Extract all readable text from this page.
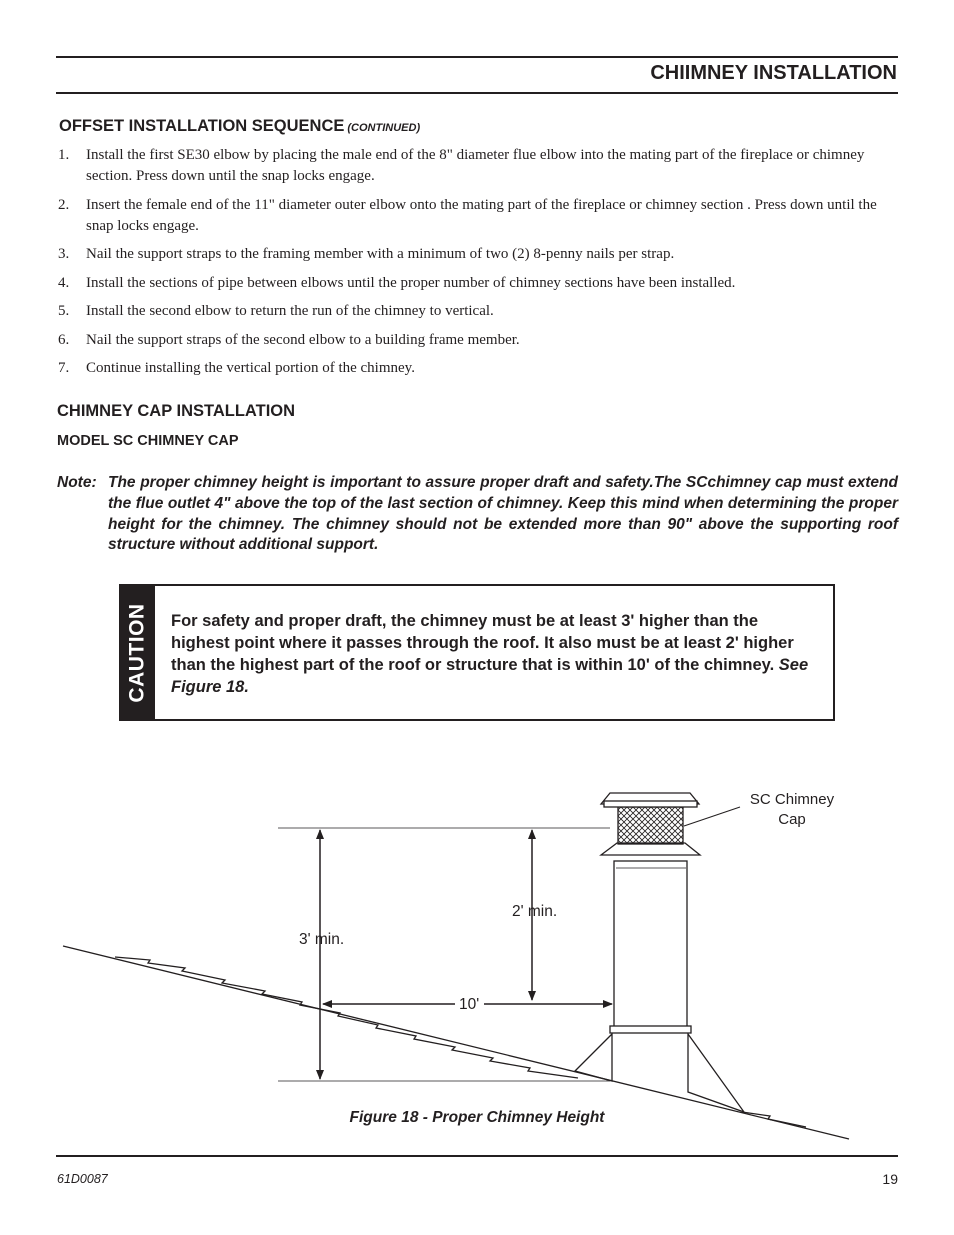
CHIIMNEY INSTALLATION
OFFSET INSTALLATION SEQUENCE (CONTINUED)
1. Install the first SE30 elbow by placing the male end of the 8" diameter flue elbow into the mating part of the fireplace or chimney section. Press down until the snap locks engage.
2. Insert the female end of the 11" diameter outer elbow onto the mating part of the fireplace or chimney section . Press down until the snap locks engage.
3. Nail the support straps to the framing member with a minimum of two (2) 8-penny nails per strap.
4. Install the sections of pipe between elbows until the proper number of chimney sections have been installed.
5. Install the second elbow to return the run of the chimney to vertical.
6. Nail the support straps of the second elbow to a building frame member.
7. Continue installing the vertical portion of the chimney.
CHIMNEY CAP INSTALLATION
MODEL SC CHIMNEY CAP
Note: The proper chimney height is important to assure proper draft and safety.The SCchimney cap must extend the flue outlet 4" above the top of the last section of chimney. Keep this mind when determining the proper height for the chimney. The chimney should not be extended more than 90" above the supporting roof structure without additional support.
CAUTION For safety and proper draft, the chimney must be at least 3' higher than the highest point where it passes through the roof. It also must be at least 2' higher than the highest part of the roof or structure that is within 10' of the chimney. See Figure 18.
3' min.
2' min.
10'
SC Chimney
Cap
Figure 18 - Proper Chimney Height
61D0087	19
